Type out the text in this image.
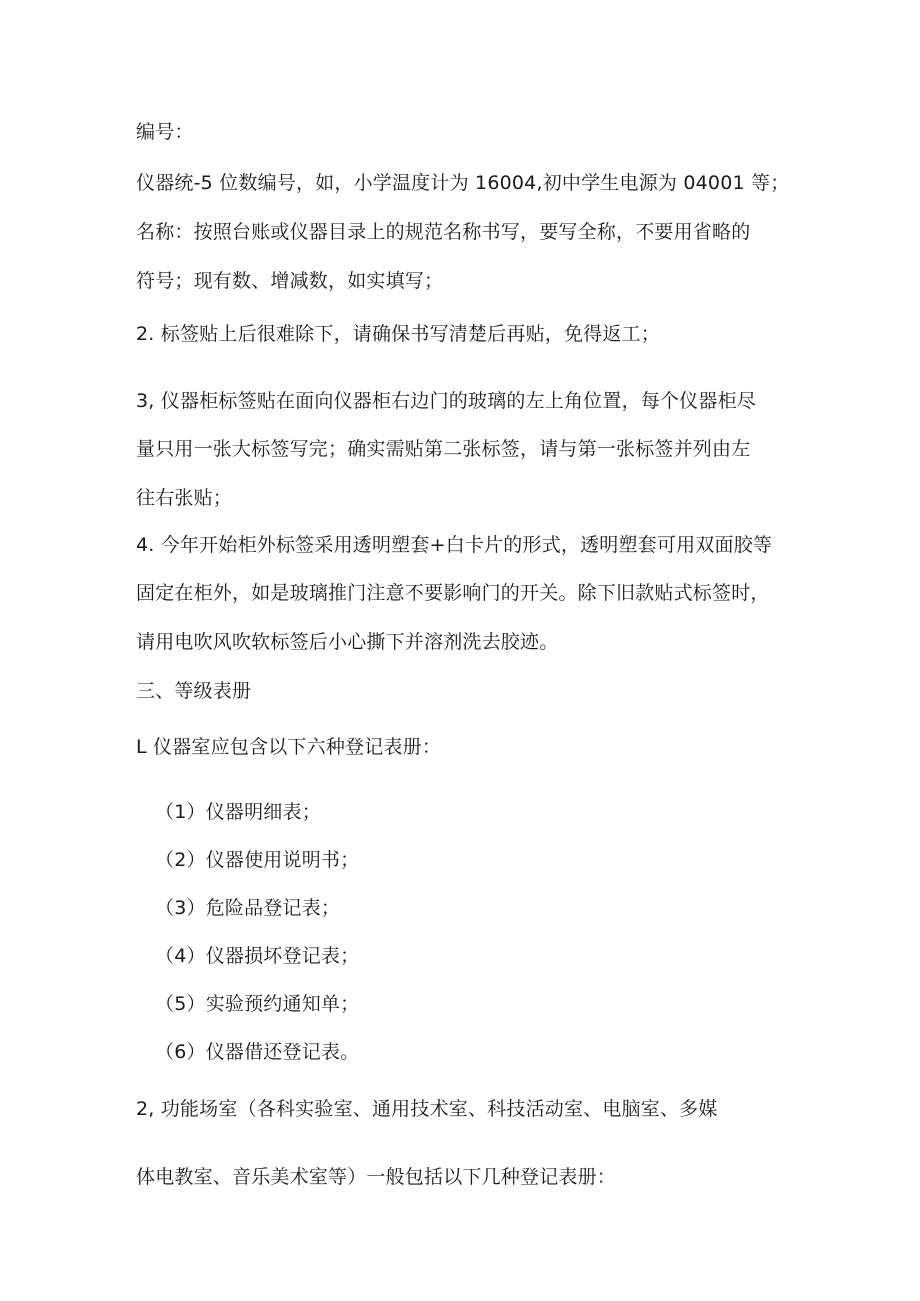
编号：
仪器统-5 位数编号，如，小学温度计为 16004,初中学生电源为 04001 等；
名称：按照台账或仪器目录上的规范名称书写，要写全称，不要用省略的
符号；现有数、增减数，如实填写；
2. 标签贴上后很难除下，请确保书写清楚后再贴，免得返工；
3, 仪器柜标签贴在面向仪器柜右边门的玻璃的左上角位置，每个仪器柜尽
量只用一张大标签写完；确实需贴第二张标签，请与第一张标签并列由左
往右张贴；
4. 今年开始柜外标签采用透明塑套+白卡片的形式，透明塑套可用双面胶等
固定在柜外，如是玻璃推门注意不要影响门的开关。除下旧款贴式标签时，
请用电吹风吹软标签后小心撕下并溶剂洗去胶迹。
三、等级表册
L 仪器室应包含以下六种登记表册：
（1）仪器明细表；
（2）仪器使用说明书；
（3）危险品登记表；
（4）仪器损坏登记表；
（5）实验预约通知单；
（6）仪器借还登记表。
2, 功能场室（各科实验室、通用技术室、科技活动室、电脑室、多媒
体电教室、音乐美术室等）一般包括以下几种登记表册：
